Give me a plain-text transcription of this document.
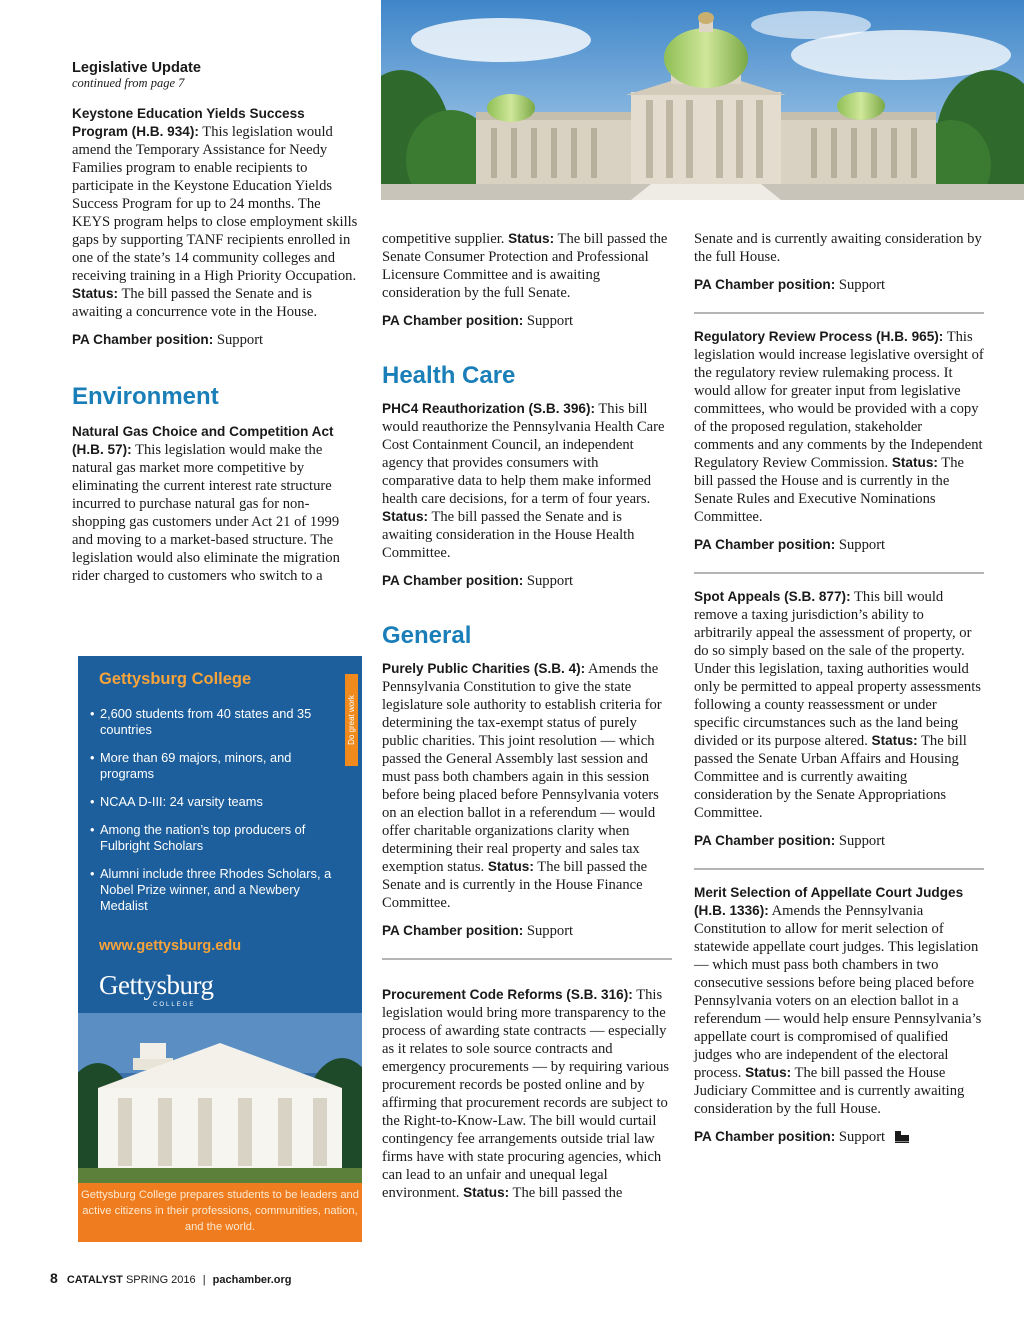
Legislative Update
continued from page 7
Keystone Education Yields Success Program (H.B. 934): This legislation would amend the Temporary Assistance for Needy Families program to enable recipients to participate in the Keystone Education Yields Success Program for up to 24 months. The KEYS program helps to close employment skills gaps by supporting TANF recipients enrolled in one of the state’s 14 community colleges and receiving training in a High Priority Occupation. Status: The bill passed the Senate and is awaiting a concurrence vote in the House.
PA Chamber position: Support
Environment
Natural Gas Choice and Competition Act (H.B. 57): This legislation would make the natural gas market more competitive by eliminating the current interest rate structure incurred to purchase natural gas for non-shopping gas customers under Act 21 of 1999 and moving to a market-based structure. The legislation would also eliminate the migration rider charged to customers who switch to a
Gettysburg College
Do great work
• 2,600 students from 40 states and 35 countries
• More than 69 majors, minors, and programs
• NCAA D-III: 24 varsity teams
• Among the nation’s top producers of Fulbright Scholars
• Alumni include three Rhodes Scholars, a Nobel Prize winner, and a Newbery Medalist
www.gettysburg.edu
Gettysburg
COLLEGE
Gettysburg College prepares students to be leaders and active citizens in their professions, communities, nation, and the world.
competitive supplier. Status: The bill passed the Senate Consumer Protection and Professional Licensure Committee and is awaiting consideration by the full Senate.
PA Chamber position: Support
Health Care
PHC4 Reauthorization (S.B. 396): This bill would reauthorize the Pennsylvania Health Care Cost Containment Council, an independent agency that provides consumers with comparative data to help them make informed health care decisions, for a term of four years. Status: The bill passed the Senate and is awaiting consideration in the House Health Committee.
PA Chamber position: Support
General
Purely Public Charities (S.B. 4): Amends the Pennsylvania Constitution to give the state legislature sole authority to establish criteria for determining the tax-exempt status of purely public charities. This joint resolution — which passed the General Assembly last session and must pass both chambers again in this session before being placed before Pennsylvania voters on an election ballot in a referendum — would offer charitable organizations clarity when determining their real property and sales tax exemption status. Status: The bill passed the Senate and is currently in the House Finance Committee.
PA Chamber position: Support
Procurement Code Reforms (S.B. 316): This legislation would bring more transparency to the process of awarding state contracts — especially as it relates to sole source contracts and emergency procurements — by requiring various procurement records be posted online and by affirming that procurement records are subject to the Right-to-Know-Law. The bill would curtail contingency fee arrangements outside trial law firms have with state procuring agencies, which can lead to an unfair and unequal legal environment. Status: The bill passed the
Senate and is currently awaiting consideration by the full House.
PA Chamber position: Support
Regulatory Review Process (H.B. 965): This legislation would increase legislative oversight of the regulatory review rulemaking process. It would allow for greater input from legislative committees, who would be provided with a copy of the proposed regulation, stakeholder comments and any comments by the Independent Regulatory Review Commission. Status: The bill passed the House and is currently in the Senate Rules and Executive Nominations Committee.
PA Chamber position: Support
Spot Appeals (S.B. 877): This bill would remove a taxing jurisdiction’s ability to arbitrarily appeal the assessment of property, or do so simply based on the sale of the property. Under this legislation, taxing authorities would only be permitted to appeal property assessments following a county reassessment or under specific circumstances such as the land being divided or its purpose altered. Status: The bill passed the Senate Urban Affairs and Housing Committee and is currently awaiting consideration by the Senate Appropriations Committee.
PA Chamber position: Support
Merit Selection of Appellate Court Judges (H.B. 1336): Amends the Pennsylvania Constitution to allow for merit selection of statewide appellate court judges. This legislation — which must pass both chambers in two consecutive sessions before being placed before Pennsylvania voters on an election ballot in a referendum — would help ensure Pennsylvania’s appellate court is compromised of qualified judges who are independent of the electoral process. Status: The bill passed the House Judiciary Committee and is currently awaiting consideration by the full House.
PA Chamber position: Support
8 CATALYST SPRING 2016 | pachamber.org
